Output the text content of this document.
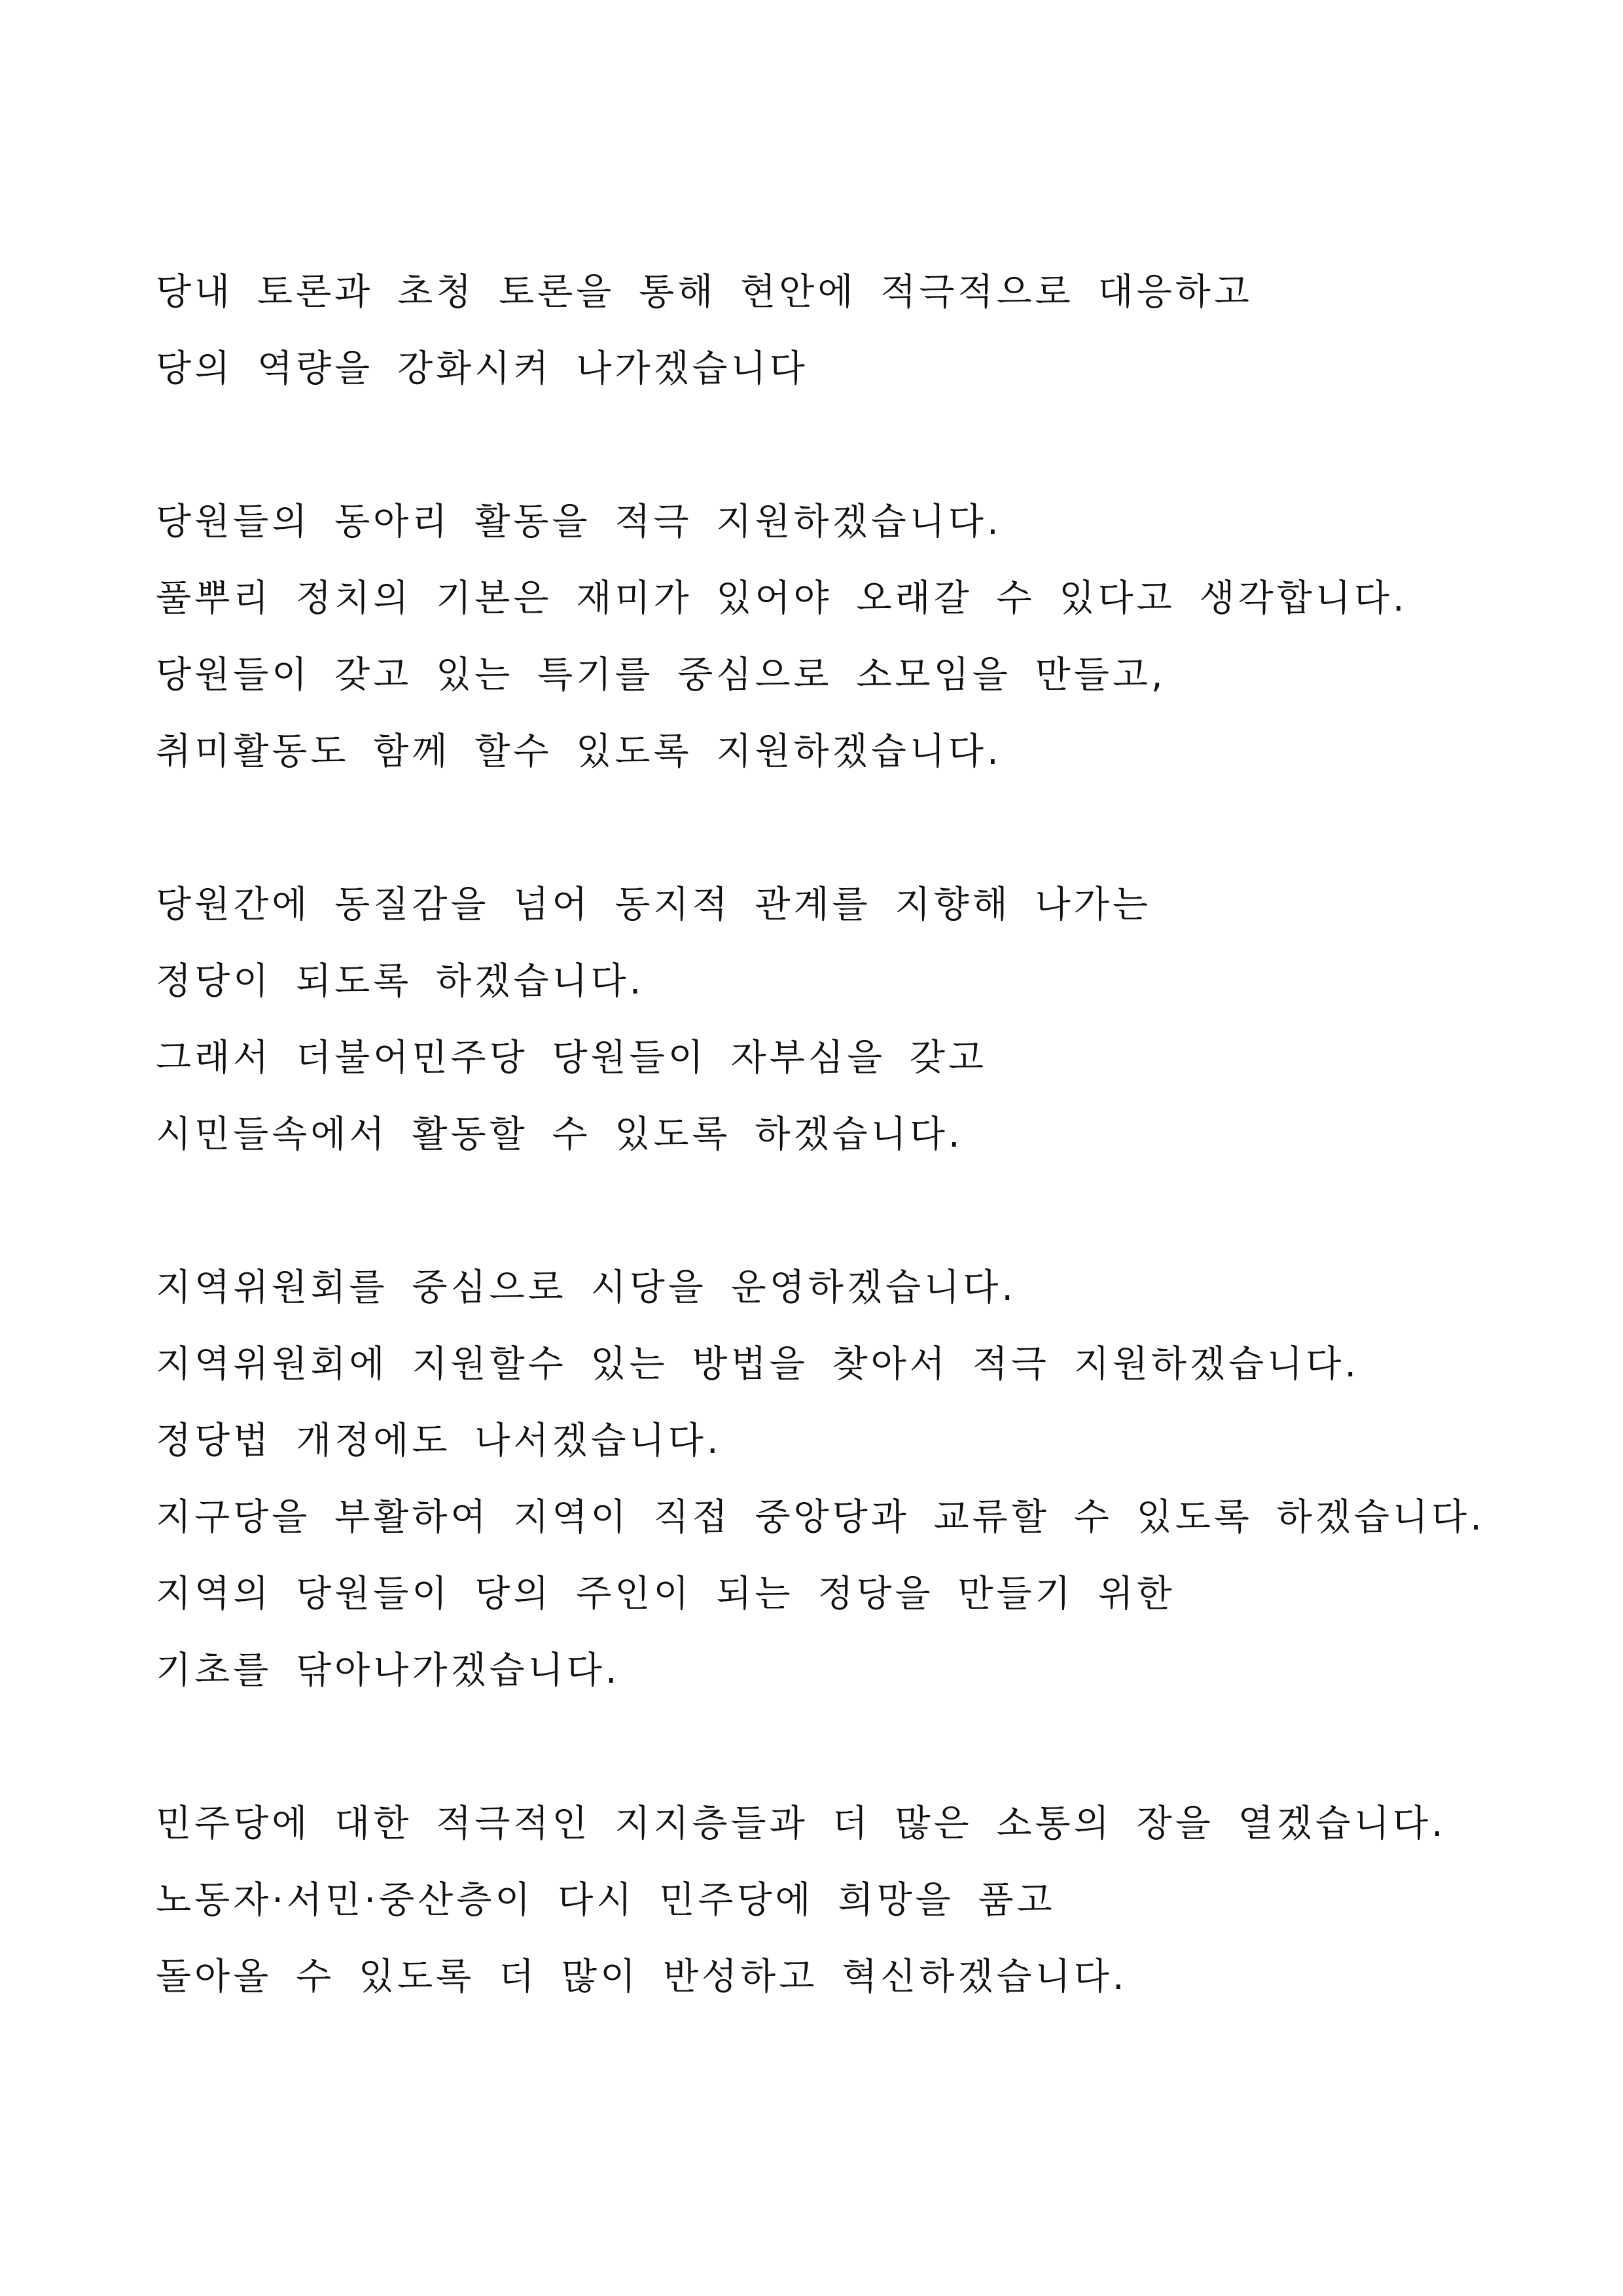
당내 토론과 초청 토론을 통해 현안에 적극적으로 대응하고
당의 역량을 강화시켜 나가겠습니다
당원들의 동아리 활동을 적극 지원하겠습니다.
풀뿌리 정치의 기본은 재미가 있어야 오래갈 수 있다고 생각합니다.
당원들이 갖고 있는 특기를 중심으로 소모임을 만들고,
취미활동도 함께 할수 있도록 지원하겠습니다.
당원간에 동질감을 넘어 동지적 관계를 지향해 나가는
정당이 되도록 하겠습니다.
그래서 더불어민주당 당원들이 자부심을 갖고
시민들속에서 활동할 수 있도록 하겠습니다.
지역위원회를 중심으로 시당을 운영하겠습니다.
지역위원회에 지원할수 있는 방법을 찾아서 적극 지원하겠습니다.
정당법 개정에도 나서겠습니다.
지구당을 부활하여 지역이 직접 중앙당과 교류할 수 있도록 하겠습니다.
지역의 당원들이 당의 주인이 되는 정당을 만들기 위한
기초를 닦아나가겠습니다.
민주당에 대한 적극적인 지지층들과 더 많은 소통의 장을 열겠습니다.
노동자·서민·중산층이 다시 민주당에 희망을 품고
돌아올 수 있도록 더 많이 반성하고 혁신하겠습니다.
